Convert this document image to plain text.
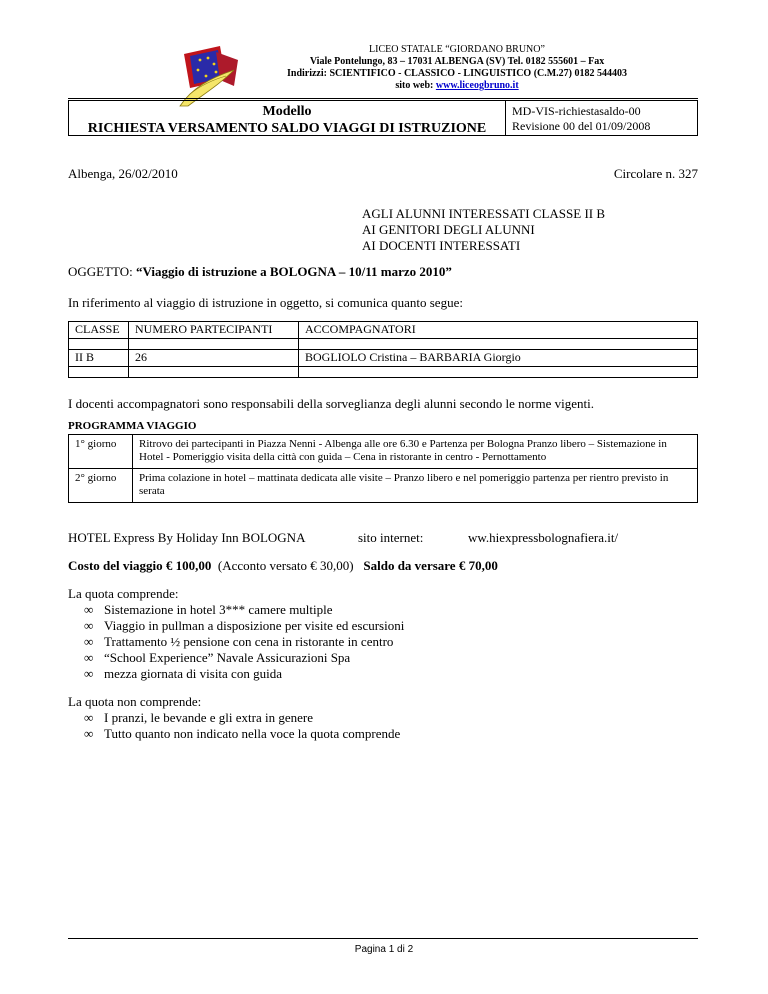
LICEO STATALE “GIORDANO BRUNO”
Viale Pontelungo, 83 – 17031 ALBENGA (SV) Tel. 0182 555601 – Fax
Indirizzi: SCIENTIFICO - CLASSICO - LINGUISTICO (C.M.27) 0182 544403
sito web: www.liceogbruno.it
Modello
RICHIESTA VERSAMENTO SALDO VIAGGI DI ISTRUZIONE
MD-VIS-richiestasaldo-00
Revisione 00 del 01/09/2008
Albenga, 26/02/2010	Circolare n. 327
AGLI ALUNNI INTERESSATI CLASSE II B
AI GENITORI DEGLI ALUNNI
AI DOCENTI INTERESSATI
OGGETTO: “Viaggio di istruzione a BOLOGNA – 10/11 marzo 2010”
In riferimento al viaggio di istruzione in oggetto, si comunica quanto segue:
CLASSE	NUMERO PARTECIPANTI	ACCOMPAGNATORI

II B	26	BOGLIOLO Cristina – BARBARIA Giorgio

I docenti accompagnatori sono responsabili della sorveglianza degli alunni secondo le norme vigenti.
PROGRAMMA VIAGGIO
1° giorno	Ritrovo dei partecipanti in Piazza Nenni - Albenga alle ore 6.30 e Partenza per Bologna Pranzo libero – Sistemazione in Hotel - Pomeriggio visita della città con guida – Cena in ristorante in centro - Pernottamento
2° giorno	Prima colazione in hotel – mattinata dedicata alle visite – Pranzo libero e nel pomeriggio partenza per rientro previsto in serata
HOTEL Express By Holiday Inn BOLOGNA	sito internet:	ww.hiexpressbolognafiera.it/
Costo del viaggio € 100,00 (Acconto versato € 30,00) Saldo da versare € 70,00
La quota comprende:
∞ Sistemazione in hotel 3*** camere multiple
∞ Viaggio in pullman a disposizione per visite ed escursioni
∞ Trattamento ½ pensione con cena in ristorante in centro
∞ “School Experience” Navale Assicurazioni Spa
∞ mezza giornata di visita con guida
La quota non comprende:
∞ I pranzi, le bevande e gli extra in genere
∞ Tutto quanto non indicato nella voce la quota comprende
Pagina 1 di 2
